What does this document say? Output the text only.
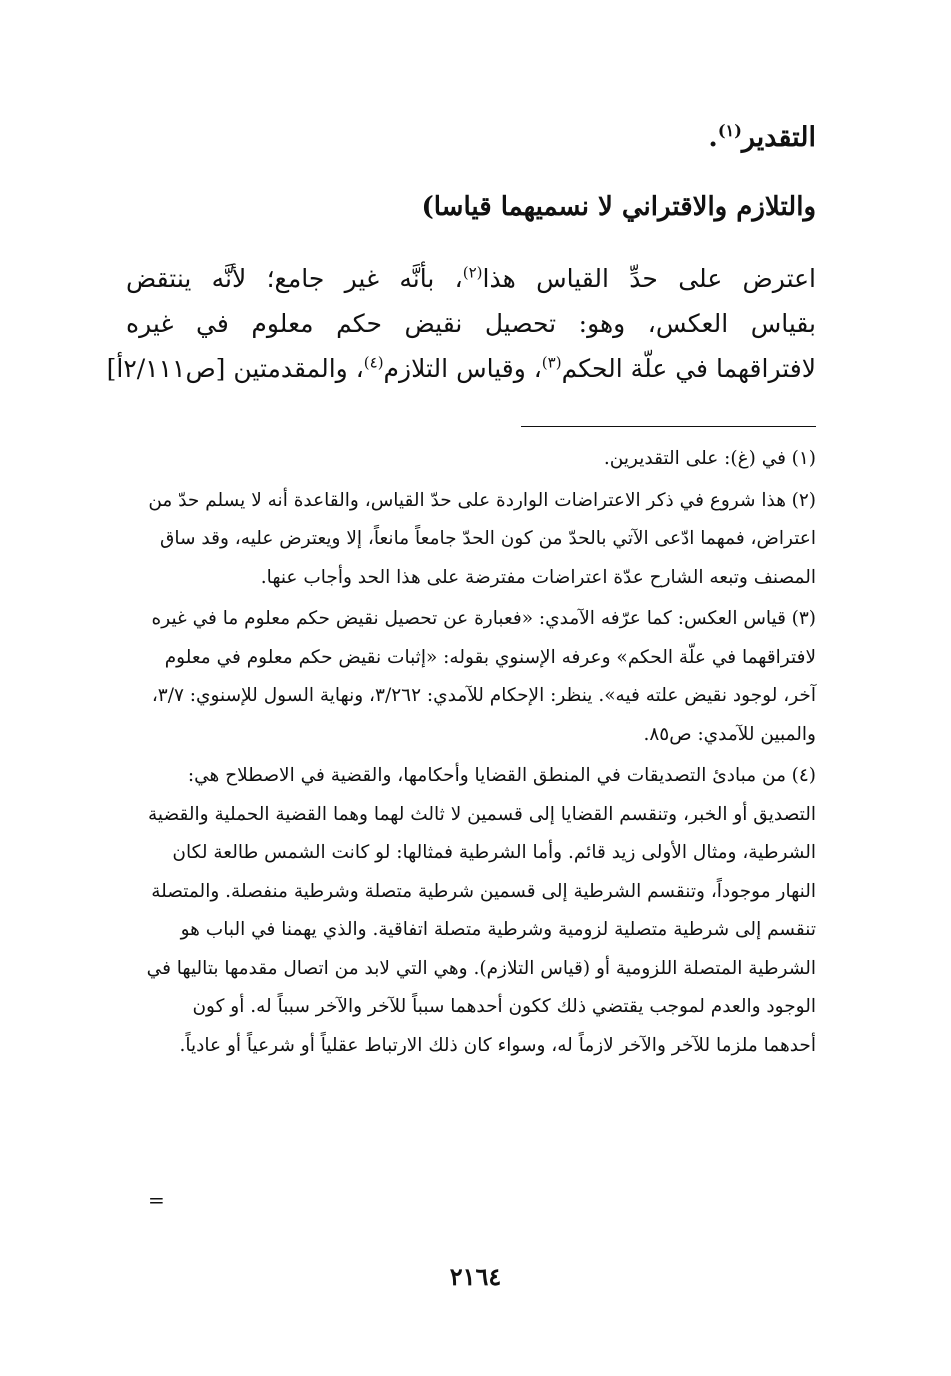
التقدير$^{(١)}$.
والتلازم والاقتراني لا نسميهما قياسا)
اعترض على حدِّ القياس هذا$^{(٢)}$، بأنَّه غير جامع؛ لأنَّه ينتقض
بقياس العكس، وهو: تحصيل نقيض حكم معلوم في غيره
لافتراقهما في علّة الحكم$^{(٣)}$، وقياس التلازم$^{(٤)}$، والمقدمتين [ص٢/١١١أ]
(١)في (غ): على التقديرين.
(٢)هذا شروع في ذكر الاعتراضات الواردة على حدّ القياس، والقاعدة أنه لا يسلم حدّ من اعتراض، فمهما ادّعى الآتي بالحدّ من كون الحدّ جامعاً مانعاً، إلا ويعترض عليه، وقد ساق المصنف وتبعه الشارح عدّة اعتراضات مفترضة على هذا الحد وأجاب عنها.
(٣)قياس العكس: كما عرّفه الآمدي: «فعبارة عن تحصيل نقيض حكم معلوم ما في غيره لافتراقهما في علّة الحكم» وعرفه الإسنوي بقوله: «إثبات نقيض حكم معلوم في معلوم آخر، لوجود نقيض علته فيه». ينظر: الإحكام للآمدي: ٣/٢٦٢، ونهاية السول للإسنوي: ٣/٧، والمبين للآمدي: ص٨٥.
(٤)من مبادئ التصديقات في المنطق القضايا وأحكامها، والقضية في الاصطلاح هي: التصديق أو الخبر، وتنقسم القضايا إلى قسمين لا ثالث لهما وهما القضية الحملية والقضية الشرطية، ومثال الأولى زيد قائم. وأما الشرطية فمثالها: لو كانت الشمس طالعة لكان النهار موجوداً، وتنقسم الشرطية إلى قسمين شرطية متصلة وشرطية منفصلة. والمتصلة تنقسم إلى شرطية متصلية لزومية وشرطية متصلة اتفاقية. والذي يهمنا في الباب هو الشرطية المتصلة اللزومية أو (قياس التلازم). وهي التي لابد من اتصال مقدمها بتاليها في الوجود والعدم لموجب يقتضي ذلك ككون أحدهما سبباً للآخر والآخر سبباً له. أو كون أحدهما ملزما للآخر والآخر لازماً له، وسواء كان ذلك الارتباط عقلياً أو شرعياً أو عادياً.
=
٢١٦٤
